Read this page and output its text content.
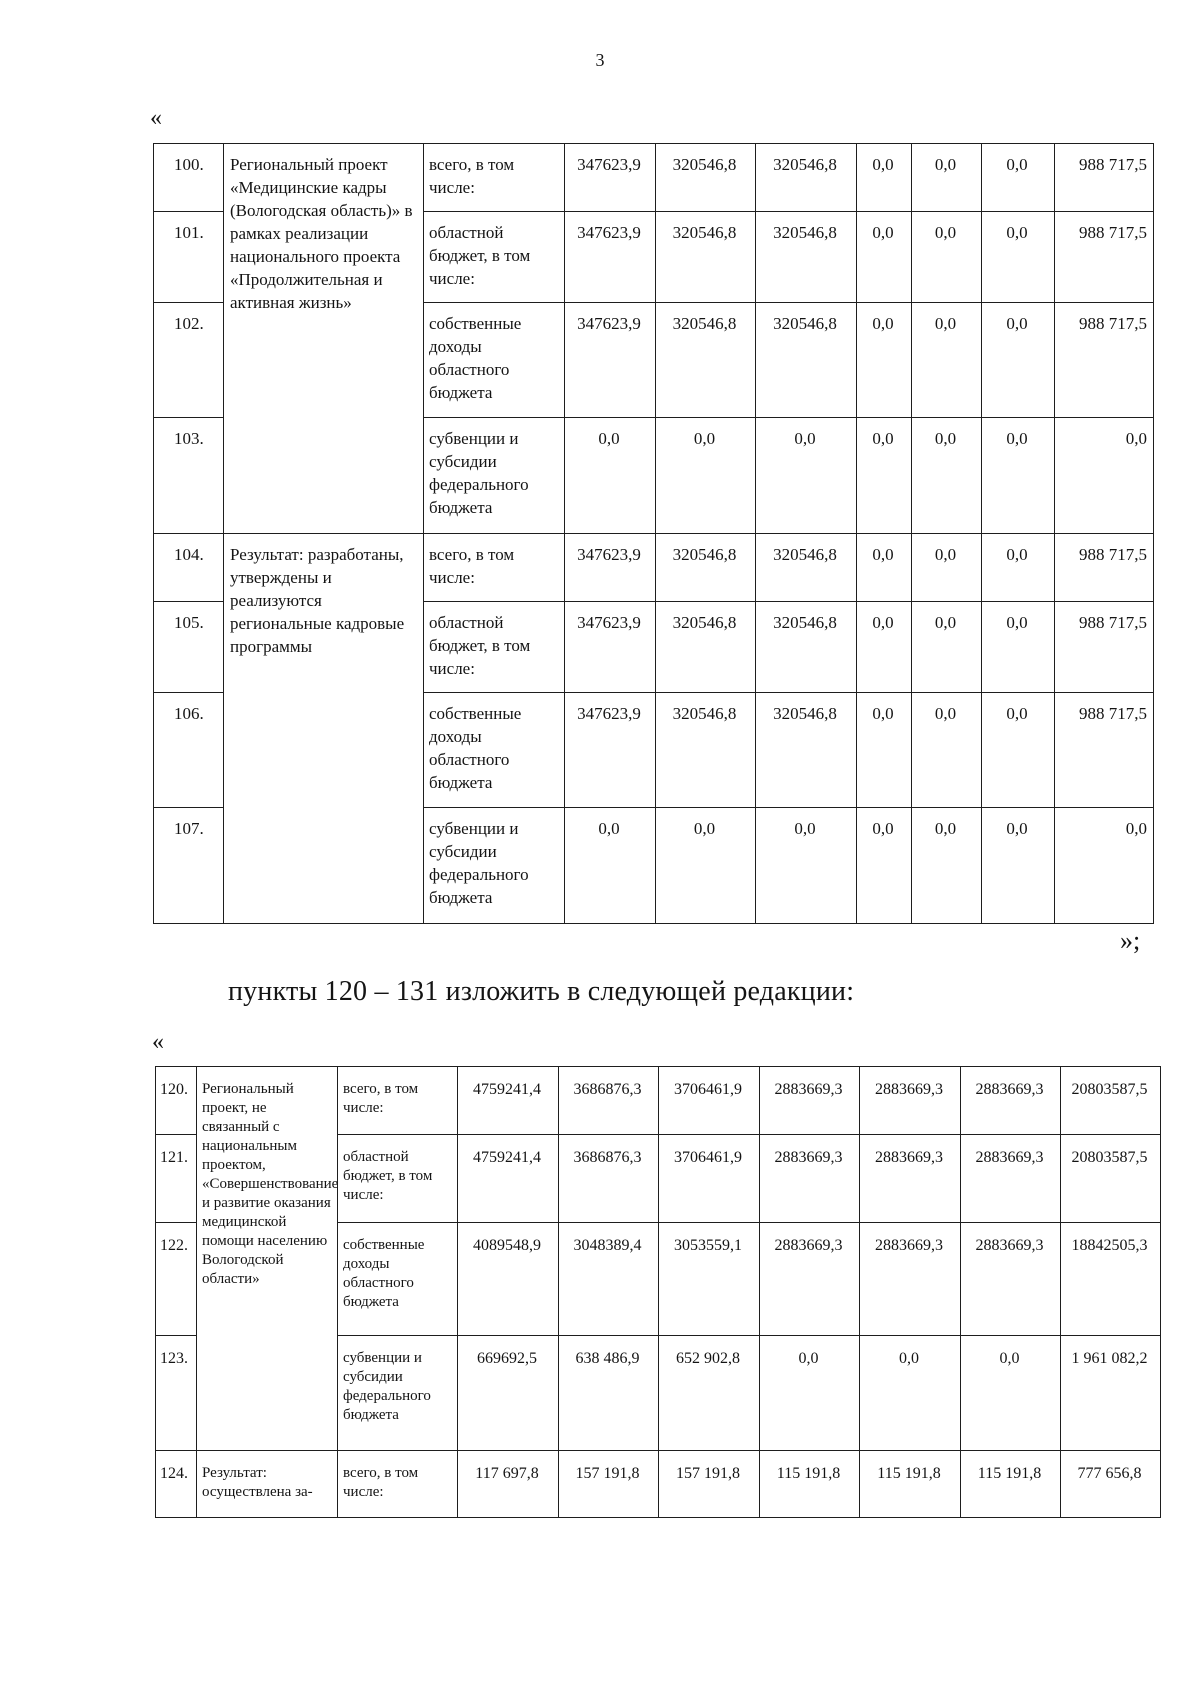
3
«
100.	Региональный проект «Медицинские кадры (Вологодская область)» в рамках реализации национального проекта «Продолжительная и активная жизнь»	всего, в том числе:	347623,9	320546,8	320546,8	0,0	0,0	0,0	988 717,5
101.		областной бюджет, в том числе:	347623,9	320546,8	320546,8	0,0	0,0	0,0	988 717,5
102.		собственные доходы областного бюджета	347623,9	320546,8	320546,8	0,0	0,0	0,0	988 717,5
103.		субвенции и субсидии федерального бюджета	0,0	0,0	0,0	0,0	0,0	0,0	0,0
104.	Результат: разработаны, утверждены и реализуются региональные кадровые программы	всего, в том числе:	347623,9	320546,8	320546,8	0,0	0,0	0,0	988 717,5
105.		областной бюджет, в том числе:	347623,9	320546,8	320546,8	0,0	0,0	0,0	988 717,5
106.		собственные доходы областного бюджета	347623,9	320546,8	320546,8	0,0	0,0	0,0	988 717,5
107.		субвенции и субсидии федерального бюджета	0,0	0,0	0,0	0,0	0,0	0,0	0,0
»;
пункты 120 – 131 изложить в следующей редакции:
«
120.	Региональный проект, не связанный с национальным проектом, «Совершенствование и развитие оказания медицинской помощи населению Вологодской области»	всего, в том числе:	4759241,4	3686876,3	3706461,9	2883669,3	2883669,3	2883669,3	20803587,5
121.		областной бюджет, в том числе:	4759241,4	3686876,3	3706461,9	2883669,3	2883669,3	2883669,3	20803587,5
122.		собственные доходы областного бюджета	4089548,9	3048389,4	3053559,1	2883669,3	2883669,3	2883669,3	18842505,3
123.		субвенции и субсидии федерального бюджета	669692,5	638 486,9	652 902,8	0,0	0,0	0,0	1 961 082,2
124.	Результат: осуществлена за-	всего, в том числе:	117 697,8	157 191,8	157 191,8	115 191,8	115 191,8	115 191,8	777 656,8
